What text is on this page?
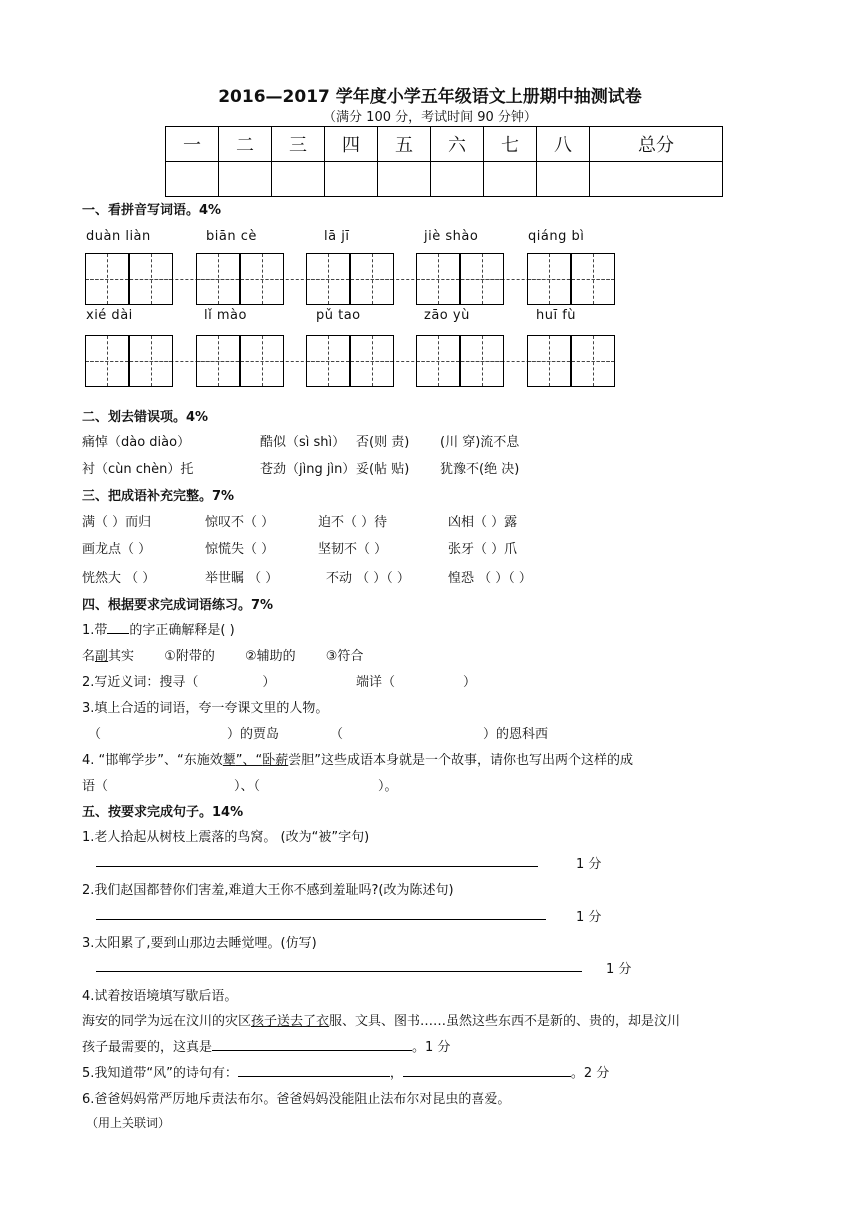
2016—2017 学年度小学五年级语文上册期中抽测试卷
（满分 100 分，考试时间 90 分钟）
一	二	三	四	五	六	七	八	总分

一、看拼音写词语。4%
duàn liàn	biān cè	lā jī	jiè shào	qiáng bì
xié dài	lǐ mào	pǔ tao	zāo yù	huī fù
二、划去错误项。4%
痛悼（dào diào）	酷似（sì shì） 否(则 责) (川 穿)流不息
衬（cùn chèn）托	苍劲（jìng jìn） 妥(帖 贴) 犹豫不(绝 决)
三、把成语补充完整。7%
满（ ）而归	惊叹不（ ）	迫不（ ）待	凶相（ ）露
画龙点（ ）	惊慌失（ ）	坚韧不（ ）	张牙（ ）爪
恍然大 （ ）	举世瞩 （ ）	不动 （ ）（ ）	惶恐 （ ）（ ）
四、根据要求完成词语练习。7%
1.带 的字正确解释是( )
名副其实 ①附带的 ②辅助的 ③符合
2.写近义词：搜寻（	）	端详（	）
3.填上合适的词语，夸一夸课文里的人物。
（	）的贾岛	（	）的恩科西
4. “邯郸学步”、“东施效颦”、“卧薪尝胆”这些成语本身就是一个故事，请你也写出两个这样的成
语（	）、（	）。
五、按要求完成句子。14%
1.老人拾起从树枝上震落的鸟窝。 (改为“被”字句)
1 分
2.我们赵国都替你们害羞,难道大王你不感到羞耻吗?(改为陈述句)
1 分
3.太阳累了,要到山那边去睡觉哩。(仿写)
1 分
4.试着按语境填写歇后语。
海安的同学为远在汶川的灾区孩子送去了衣服、文具、图书……虽然这些东西不是新的、贵的，却是汶川
孩子最需要的，这真是	。1 分
5.我知道带“风”的诗句有：	，	。2 分
6.爸爸妈妈常严厉地斥责法布尔。爸爸妈妈没能阻止法布尔对昆虫的喜爱。
（用上关联词）
